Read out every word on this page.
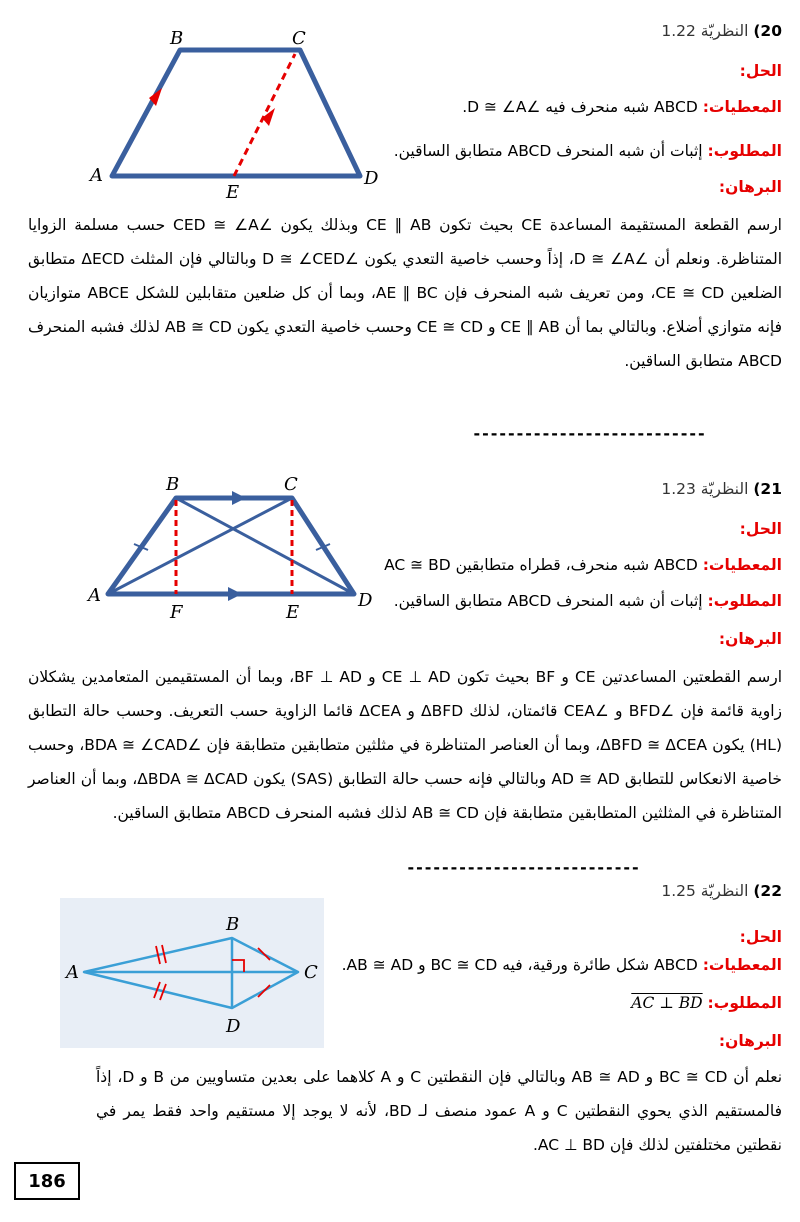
B	C
A	D
E
20) النظريّة 1.22
الحل:
المعطيات: ABCD شبه منحرف فيه ∠D ≅ ∠A.
المطلوب: إثبات أن شبه المنحرف ABCD متطابق الساقين.
البرهان:
ارسم القطعة المستقيمة المساعدة CE بحيث تكون CE ∥ AB وبذلك يكون ∠CED ≅ ∠A حسب مسلمة الزوايا المتناظرة. ونعلم أن ∠D ≅ ∠A، إذاً وحسب خاصية التعدي يكون ∠D ≅ ∠CED وبالتالي فإن المثلث ΔECD متطابق الضلعين CE ≅ CD، ومن تعريف شبه المنحرف فإن AE ∥ BC، وبما أن كل ضلعين متقابلين للشكل ABCE متوازيان فإنه متوازي أضلاع. وبالتالي بما أن CE ∥ AB و CE ≅ CD وحسب خاصية التعدي يكون AB ≅ CD لذلك فشبه المنحرف ABCD متطابق الساقين.
---------------------------
B	C
A	D
F	E
21) النظريّة 1.23
الحل:
المعطيات: ABCD شبه منحرف، قطراه متطابقين AC ≅ BD
المطلوب: إثبات أن شبه المنحرف ABCD متطابق الساقين.
البرهان:
ارسم القطعتين المساعدتين CE و BF بحيث تكون CE ⊥ AD و BF ⊥ AD، وبما أن المستقيمين المتعامدين يشكلان زاوية قائمة فإن ∠BFD و ∠CEA قائمتان، لذلك ΔBFD و ΔCEA قائما الزاوية حسب التعريف. وحسب حالة التطابق (HL) يكون ΔBFD ≅ ΔCEA، وبما أن العناصر المتناظرة في مثلثين متطابقين متطابقة فإن ∠BDA ≅ ∠CAD، وحسب خاصية الانعكاس للتطابق AD ≅ AD وبالتالي فإنه حسب حالة التطابق (SAS) يكون ΔBDA ≅ ΔCAD، وبما أن العناصر المتناظرة في المثلثين المتطابقين متطابقة فإن AB ≅ CD لذلك فشبه المنحرف ABCD متطابق الساقين.
---------------------------
B
A	C
D
22) النظريّة 1.25
الحل:
المعطيات: ABCD شكل طائرة ورقية، فيه BC ≅ CD و AB ≅ AD.
المطلوب: AC ⊥ BD
البرهان:
نعلم أن BC ≅ CD و AB ≅ AD وبالتالي فإن النقطتين C و A كلاهما على بعدين متساويين من B و D، إذاً فالمستقيم الذي يحوي النقطتين C و A عمود منصف لـ BD، لأنه لا يوجد إلا مستقيم واحد فقط يمر في نقطتين مختلفتين لذلك فإن AC ⊥ BD.
186
